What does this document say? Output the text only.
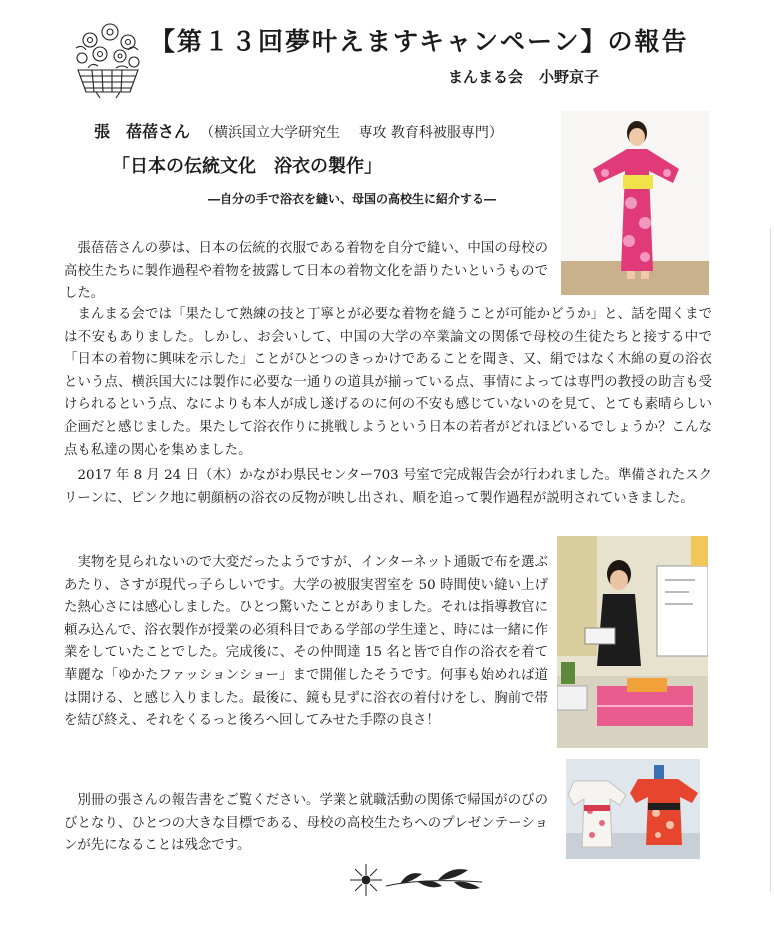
【第１３回夢叶えますキャンペーン】の報告
まんまる会 小野京子
張　蓓蓓さん （横浜国立大学研究生　 専攻 教育科被服専門）
「日本の伝統文化　浴衣の製作」
―自分の手で浴衣を縫い、母国の高校生に紹介する―

　張蓓蓓さんの夢は、日本の伝統的衣服である着物を自分で縫い、中国の母校の高校生たちに製作過程や着物を披露して日本の着物文化を語りたいというものでした。

　まんまる会では「果たして熟練の技と丁寧とが必要な着物を縫うことが可能かどうか」と、話を聞くまでは不安もありました。しかし、お会いして、中国の大学の卒業論文の関係で母校の生徒たちと接する中で「日本の着物に興味を示した」ことがひとつのきっかけであることを聞き、又、絹ではなく木綿の夏の浴衣という点、横浜国大には製作に必要な一通りの道具が揃っている点、事情によっては専門の教授の助言も受けられるという点、なによりも本人が成し遂げるのに何の不安も感じていないのを見て、とても素晴らしい企画だと感じました。果たして浴衣作りに挑戦しようという日本の若者がどれほどいるでしょうか？こんな点も私達の関心を集めました。

　2017 年 8 月 24 日（木）かながわ県民センター703 号室で完成報告会が行われました。準備されたスクリーンに、ピンク地に朝顔柄の浴衣の反物が映し出され、順を追って製作過程が説明されていきました。

　実物を見られないので大変だったようですが、インターネット通販で布を選ぶあたり、さすが現代っ子らしいです。大学の被服実習室を 50 時間使い縫い上げた熱心さには感心しました。ひとつ驚いたことがありました。それは指導教官に頼み込んで、浴衣製作が授業の必須科目である学部の学生達と、時には一緒に作業をしていたことでした。完成後に、その仲間達 15 名と皆で自作の浴衣を着て華麗な「ゆかたファッションショー」まで開催したそうです。何事も始めれば道は開ける、と感じ入りました。最後に、鏡も見ずに浴衣の着付けをし、胸前で帯を結び終え、それをくるっと後ろへ回してみせた手際の良さ！

　別冊の張さんの報告書をご覧ください。学業と就職活動の関係で帰国がのびのびとなり、ひとつの大きな目標である、母校の高校生たちへのプレゼンテーションが先になることは残念です。
